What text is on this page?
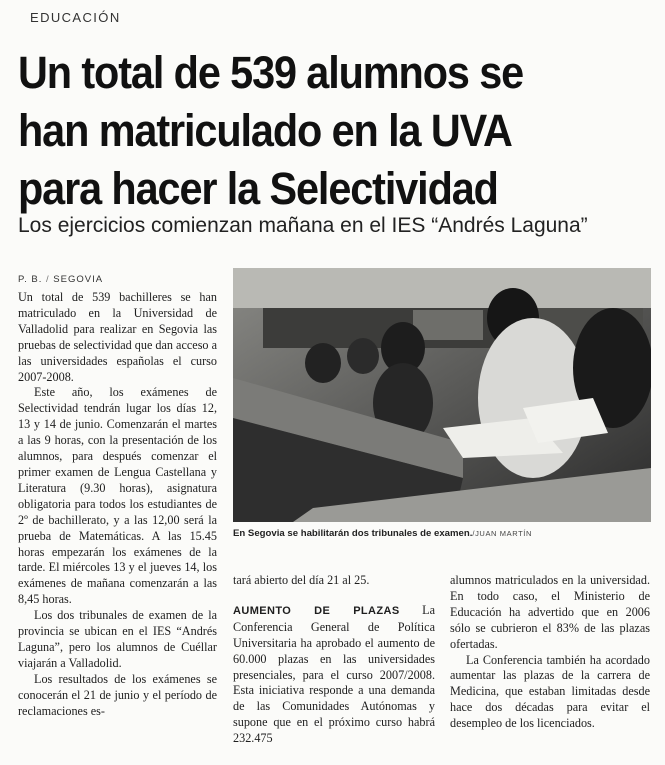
EDUCACIÓN
Un total de 539 alumnos se
han matriculado en la UVA
para hacer la Selectividad
Los ejercicios comienzan mañana en el IES “Andrés Laguna”
P. B. / SEGOVIA

Un total de 539 bachilleres se han matriculado en la Universidad de Valladolid para realizar en Segovia las pruebas de selectividad que dan acceso a las universidades españolas el curso 2007-2008.

Este año, los exámenes de Selectividad tendrán lugar los días 12, 13 y 14 de junio. Comenzarán el martes a las 9 horas, con la presentación de los alumnos, para después comenzar el primer examen de Lengua Castellana y Literatura (9.30 horas), asignatura obligatoria para todos los estudiantes de 2º de bachillerato, y a las 12,00 será la prueba de Matemáticas. A las 15.45 horas empezarán los exámenes de la tarde. El miércoles 13 y el jueves 14, los exámenes de mañana comenzarán a las 8,45 horas.

Los dos tribunales de examen de la provincia se ubican en el IES “Andrés Laguna”, pero los alumnos de Cuéllar viajarán a Valladolid.

Los resultados de los exámenes se conocerán el 21 de junio y el período de reclamaciones es-

En Segovia se habilitarán dos tribunales de examen./JUAN MARTÍN

tará abierto del día 21 al 25.

AUMENTO DE PLAZAS La Conferencia General de Política Universitaria ha aprobado el aumento de 60.000 plazas en las universidades presenciales, para el curso 2007/2008. Esta iniciativa responde a una demanda de las Comunidades Autónomas y supone que en el próximo curso habrá 232.475

alumnos matriculados en la universidad. En todo caso, el Ministerio de Educación ha advertido que en 2006 sólo se cubrieron el 83% de las plazas ofertadas.

La Conferencia también ha acordado aumentar las plazas de la carrera de Medicina, que estaban limitadas desde hace dos décadas para evitar el desempleo de los licenciados.
